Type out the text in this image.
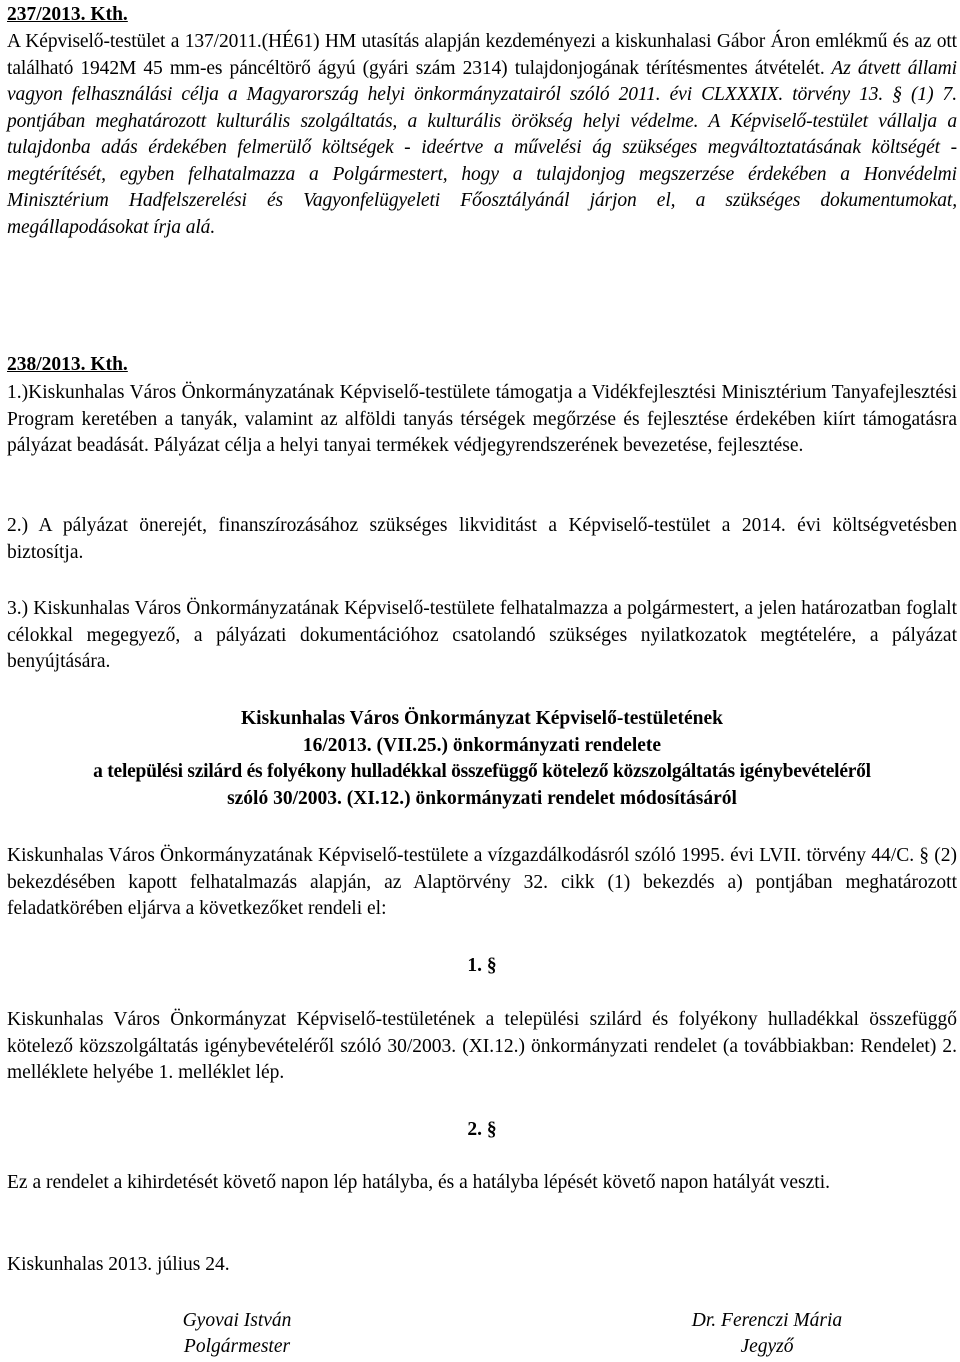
237/2013. Kth.

A Képviselő-testület a 137/2011.(HÉ61) HM utasítás alapján kezdeményezi a kiskunhalasi Gábor Áron emlékmű és az ott található 1942M 45 mm-es páncéltörő ágyú (gyári szám 2314) tulajdonjogának térítésmentes átvételét. Az átvett állami vagyon felhasználási célja a Magyarország helyi önkormányzatairól szóló 2011. évi CLXXXIX. törvény 13. § (1) 7. pontjában meghatározott kulturális szolgáltatás, a kulturális örökség helyi védelme. A Képviselő-testület vállalja a tulajdonba adás érdekében felmerülő költségek - ideértve a művelési ág szükséges megváltoztatásának költségét - megtérítését, egyben felhatalmazza a Polgármestert, hogy a tulajdonjog megszerzése érdekében a Honvédelmi Minisztérium Hadfelszerelési és Vagyonfelügyeleti Főosztályánál járjon el, a szükséges dokumentumokat, megállapodásokat írja alá.

238/2013. Kth.

1.)Kiskunhalas Város Önkormányzatának Képviselő-testülete támogatja a Vidékfejlesztési Minisztérium Tanyafejlesztési Program keretében a tanyák, valamint az alföldi tanyás térségek megőrzése és fejlesztése érdekében kiírt támogatásra pályázat beadását. Pályázat célja a helyi tanyai termékek védjegyrendszerének bevezetése, fejlesztése.

2.) A pályázat önerejét, finanszírozásához szükséges likviditást a Képviselő-testület a 2014. évi költségvetésben biztosítja.

3.) Kiskunhalas Város Önkormányzatának Képviselő-testülete felhatalmazza a polgármestert, a jelen határozatban foglalt célokkal megegyező, a pályázati dokumentációhoz csatolandó szükséges nyilatkozatok megtételére, a pályázat benyújtására.

Kiskunhalas Város Önkormányzat Képviselő-testületének

16/2013. (VII.25.) önkormányzati rendelete

a települési szilárd és folyékony hulladékkal összefüggő kötelező közszolgáltatás igénybevételéről

szóló 30/2003. (XI.12.) önkormányzati rendelet módosításáról

Kiskunhalas Város Önkormányzatának Képviselő-testülete a vízgazdálkodásról szóló 1995. évi LVII. törvény 44/C. § (2) bekezdésében kapott felhatalmazás alapján, az Alaptörvény 32. cikk (1) bekezdés a) pontjában meghatározott feladatkörében eljárva a következőket rendeli el:

1. §

Kiskunhalas Város Önkormányzat Képviselő-testületének a települési szilárd és folyékony hulladékkal összefüggő kötelező közszolgáltatás igénybevételéről szóló 30/2003. (XI.12.) önkormányzati rendelet (a továbbiakban: Rendelet) 2. melléklete helyébe 1. melléklet lép.

2. §

Ez a rendelet a kihirdetését követő napon lép hatályba, és a hatályba lépését követő napon hatályát veszti.

Kiskunhalas 2013. július 24.

Gyovai István
Polgármester
Dr. Ferenczi Mária
Jegyző
